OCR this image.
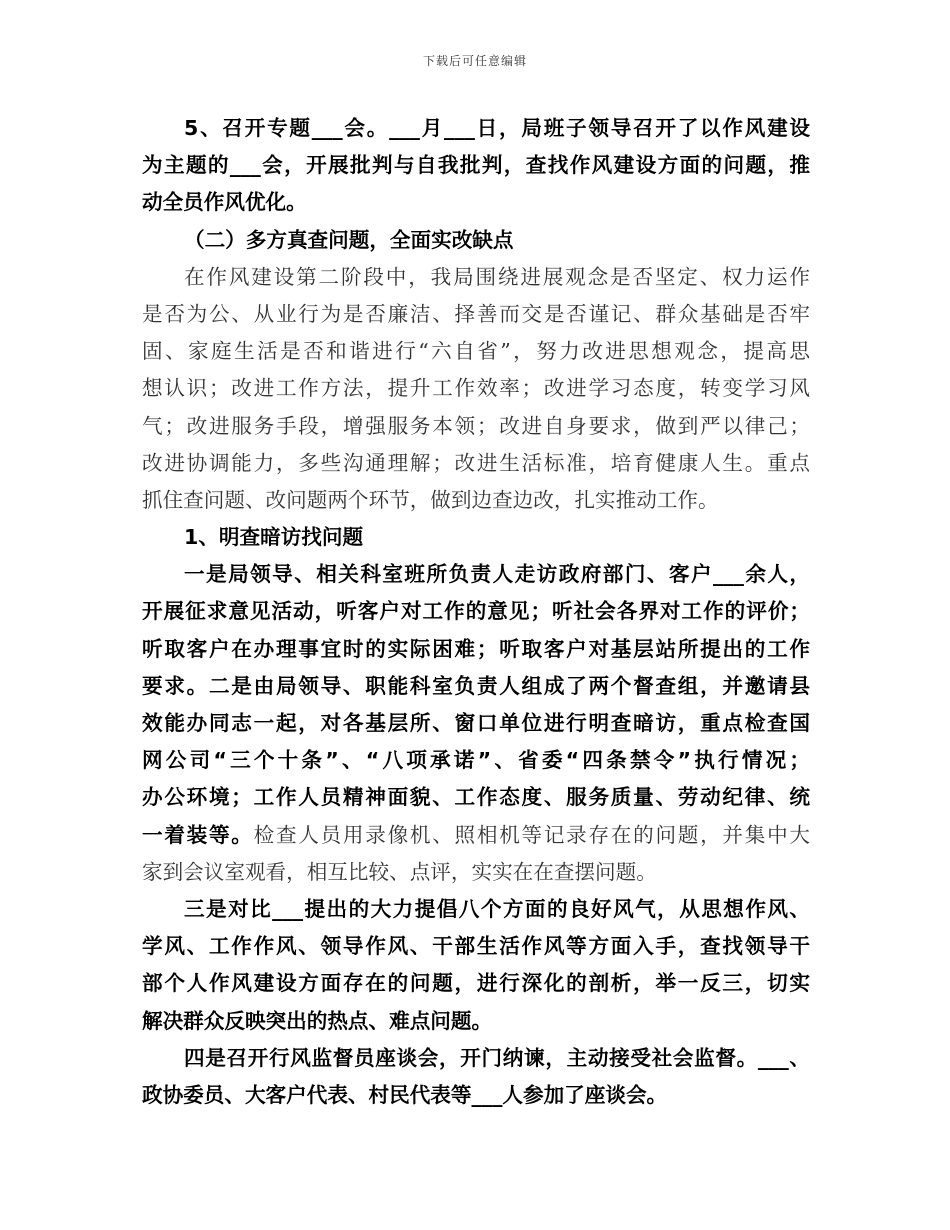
下载后可任意编辑
5、召开专题___会。___月___日，局班子领导召开了以作风建设
为主题的___会，开展批判与自我批判，查找作风建设方面的问题，推
动全员作风优化。
（二）多方真查问题，全面实改缺点
在作风建设第二阶段中，我局围绕进展观念是否坚定、权力运作
是否为公、从业行为是否廉洁、择善而交是否谨记、群众基础是否牢
固、家庭生活是否和谐进行“六自省”，努力改进思想观念，提高思
想认识；改进工作方法，提升工作效率；改进学习态度，转变学习风
气；改进服务手段，增强服务本领；改进自身要求，做到严以律己；
改进协调能力，多些沟通理解；改进生活标准，培育健康人生。重点
抓住查问题、改问题两个环节，做到边查边改，扎实推动工作。
1、明查暗访找问题
一是局领导、相关科室班所负责人走访政府部门、客户___余人，
开展征求意见活动，听客户对工作的意见；听社会各界对工作的评价；
听取客户在办理事宜时的实际困难；听取客户对基层站所提出的工作
要求。二是由局领导、职能科室负责人组成了两个督查组，并邀请县
效能办同志一起，对各基层所、窗口单位进行明查暗访，重点检查国
网公司“三个十条”、“八项承诺”、省委“四条禁令”执行情况；
办公环境；工作人员精神面貌、工作态度、服务质量、劳动纪律、统
一着装等。检查人员用录像机、照相机等记录存在的问题，并集中大
家到会议室观看，相互比较、点评，实实在在查摆问题。
三是对比___提出的大力提倡八个方面的良好风气，从思想作风、
学风、工作作风、领导作风、干部生活作风等方面入手，查找领导干
部个人作风建设方面存在的问题，进行深化的剖析，举一反三，切实
解决群众反映突出的热点、难点问题。
四是召开行风监督员座谈会，开门纳谏，主动接受社会监督。___、
政协委员、大客户代表、村民代表等___人参加了座谈会。
